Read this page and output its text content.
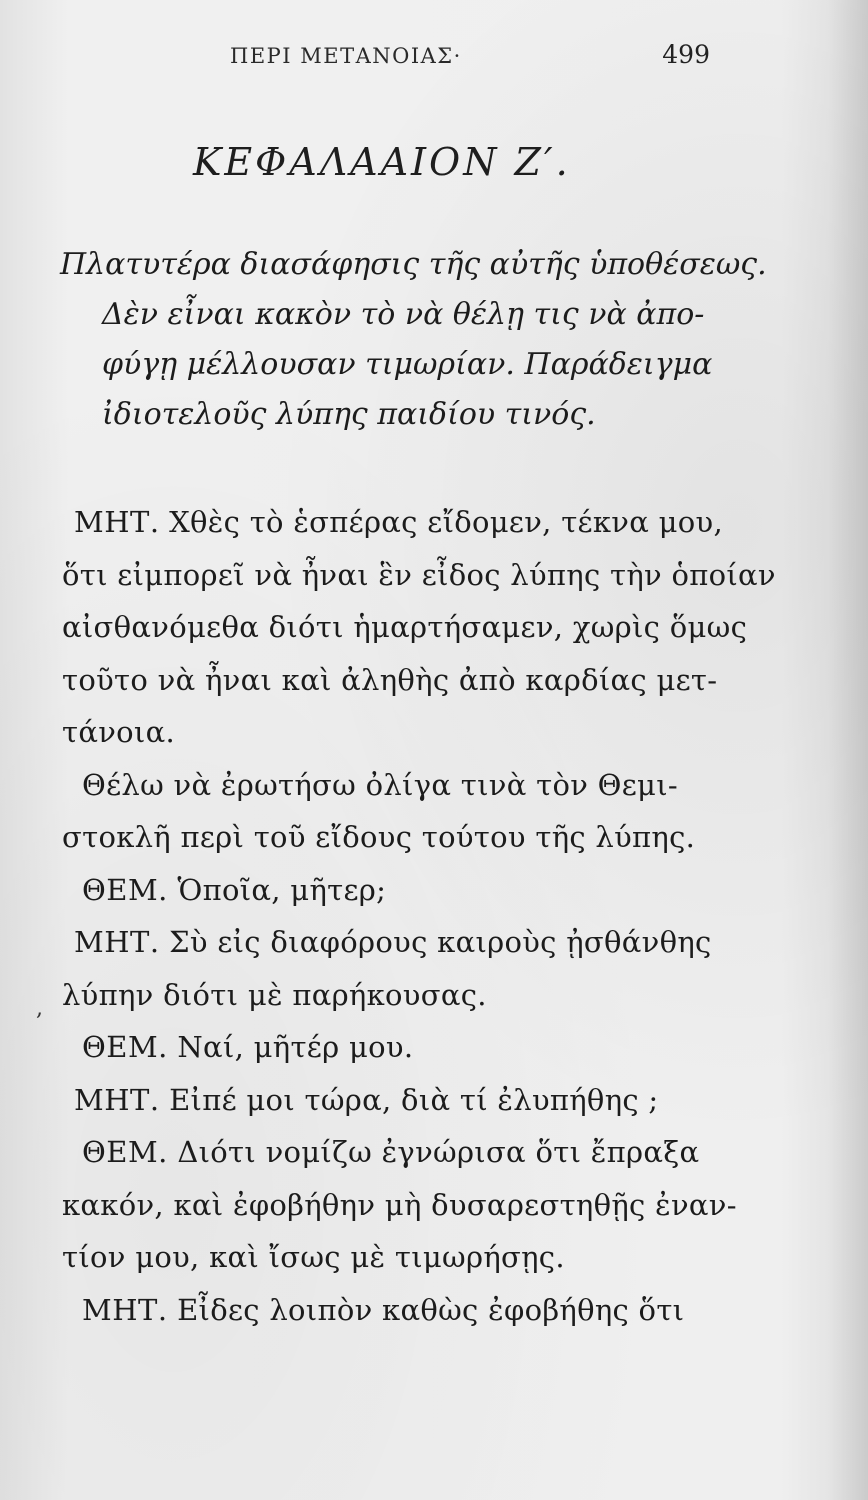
ΠΕΡΙ ΜΕΤΑΝΟΙΑΣ·	499
ΚΕΦΑΛΑΑΙΟΝ Ζ′.
Πλατυτέρα διασάφησις τῆς αὐτῆς ὑποθέσεως.
Δὲν εἶναι κακὸν τὸ νὰ θέλῃ τις νὰ ἀπο-
φύγῃ μέλλουσαν τιμωρίαν. Παράδειγμα
ἰδιοτελοῦς λύπης παιδίου τινός.
,
ΜΗΤ. Χθὲς τὸ ἑσπέρας εἴδομεν, τέκνα μου,
ὅτι εἰμπορεῖ νὰ ἦναι ἓν εἶδος λύπης τὴν ὁποίαν
αἰσθανόμεθα διότι ἡμαρτήσαμεν, χωρὶς ὅμως
τοῦτο νὰ ἦναι καὶ ἀληθὴς ἀπὸ καρδίας μετ-
τάνοια.
Θέλω νὰ ἐρωτήσω ὀλίγα τινὰ τὸν Θεμι-
στοκλῆ περὶ τοῦ εἴδους τούτου τῆς λύπης.
ΘΕΜ. Ὁποῖα, μῆτερ;
ΜΗΤ. Σὺ εἰς διαφόρους καιροὺς ᾐσθάνθης
λύπην διότι μὲ παρήκουσας.
ΘΕΜ. Ναί, μῆτέρ μου.
ΜΗΤ. Εἰπέ μοι τώρα, διὰ τί ἐλυπήθης ;
ΘΕΜ. Διότι νομίζω ἐγνώρισα ὅτι ἔπραξα
κακόν, καὶ ἐφοβήθην μὴ δυσαρεστηθῇς ἐναν-
τίον μου, καὶ ἴσως μὲ τιμωρήσῃς.
ΜΗΤ. Εἶδες λοιπὸν καθὼς ἐφοβήθης ὅτι
